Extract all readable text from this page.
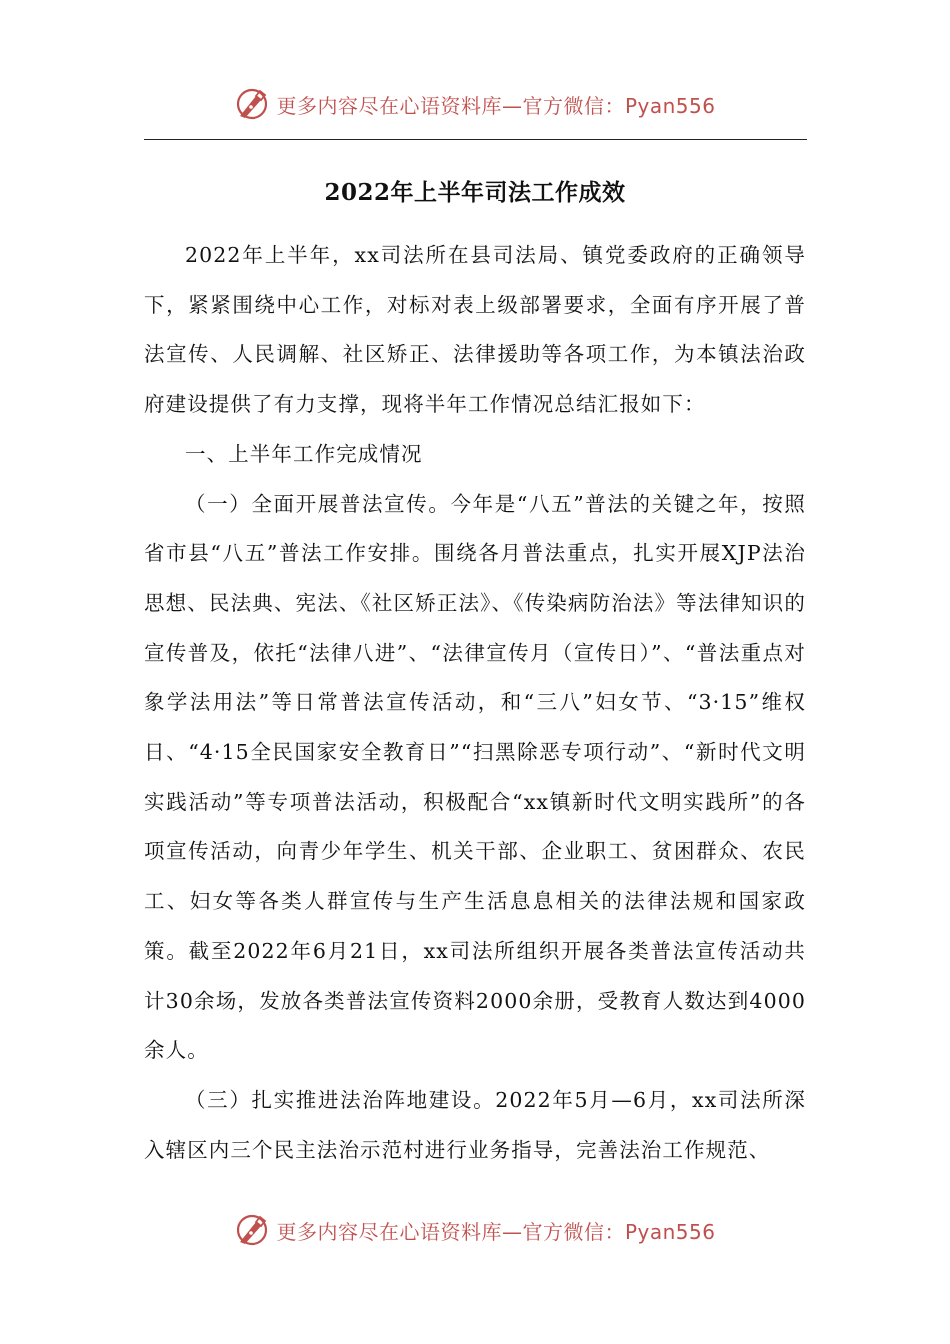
更多内容尽在心语资料库—官方微信：Pyan556
2022年上半年司法工作成效

2022年上半年，xx司法所在县司法局、镇党委政府的正确领导下，紧紧围绕中心工作，对标对表上级部署要求，全面有序开展了普法宣传、人民调解、社区矫正、法律援助等各项工作，为本镇法治政府建设提供了有力支撑，现将半年工作情况总结汇报如下：

一、上半年工作完成情况

（一）全面开展普法宣传。今年是“八五”普法的关键之年，按照省市县“八五”普法工作安排。围绕各月普法重点，扎实开展XJP法治思想、民法典、宪法、《社区矫正法》、《传染病防治法》等法律知识的宣传普及，依托“法律八进”、“法律宣传月（宣传日）”、“普法重点对象学法用法”等日常普法宣传活动，和“三八”妇女节、“3·15”维权日、“4·15全民国家安全教育日”“扫黑除恶专项行动”、“新时代文明实践活动”等专项普法活动，积极配合“xx镇新时代文明实践所”的各项宣传活动，向青少年学生、机关干部、企业职工、贫困群众、农民工、妇女等各类人群宣传与生产生活息息相关的法律法规和国家政策。截至2022年6月21日，xx司法所组织开展各类普法宣传活动共计30余场，发放各类普法宣传资料2000余册，受教育人数达到4000余人。

（三）扎实推进法治阵地建设。2022年5月—6月，xx司法所深入辖区内三个民主法治示范村进行业务指导，完善法治工作规范、

更多内容尽在心语资料库—官方微信：Pyan556
